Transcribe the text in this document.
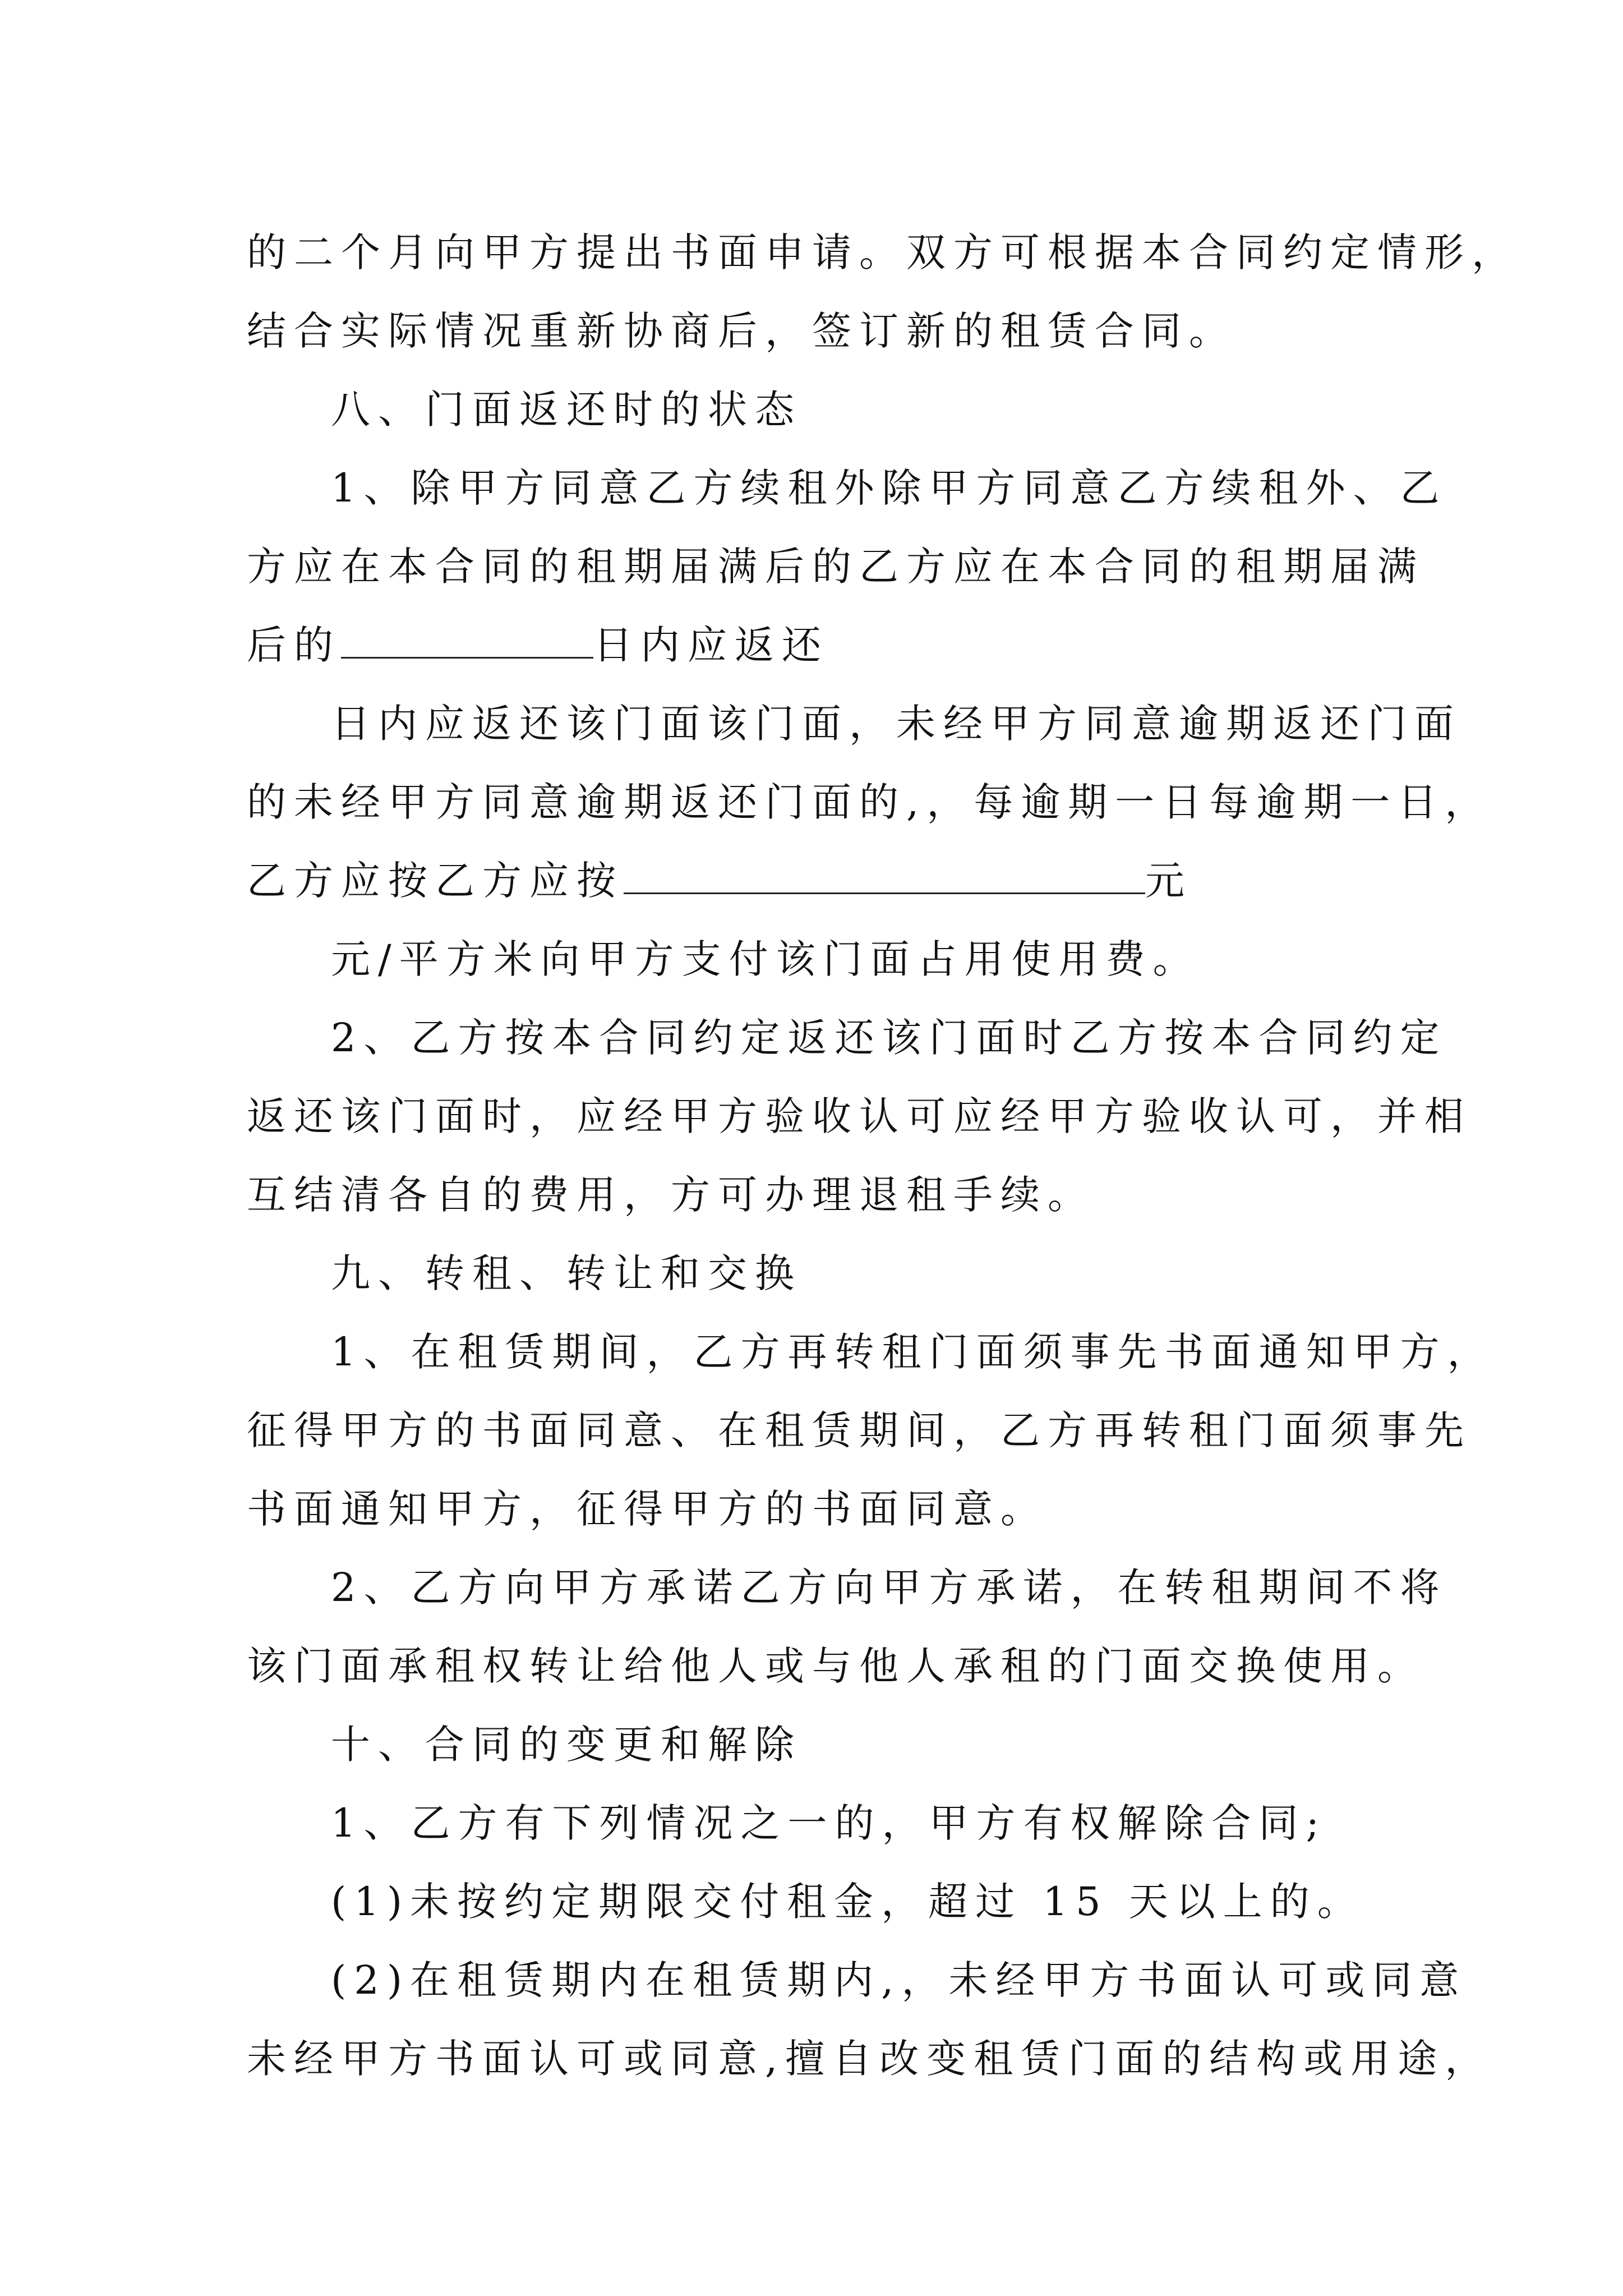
的二个月向甲方提出书面申请。双方可根据本合同约定情形，
结合实际情况重新协商后，签订新的租赁合同。
八、门面返还时的状态
1、除甲方同意乙方续租外除甲方同意乙方续租外、乙
方应在本合同的租期届满后的乙方应在本合同的租期届满
后的	日内应返还
日内应返还该门面该门面，未经甲方同意逾期返还门面
的未经甲方同意逾期返还门面的,，每逾期一日每逾期一日，
乙方应按乙方应按	元
元/平方米向甲方支付该门面占用使用费。
2、乙方按本合同约定返还该门面时乙方按本合同约定
返还该门面时，应经甲方验收认可应经甲方验收认可，并相
互结清各自的费用，方可办理退租手续。
九、转租、转让和交换
1、在租赁期间，乙方再转租门面须事先书面通知甲方，
征得甲方的书面同意、在租赁期间，乙方再转租门面须事先
书面通知甲方，征得甲方的书面同意。
2、乙方向甲方承诺乙方向甲方承诺，在转租期间不将
该门面承租权转让给他人或与他人承租的门面交换使用。
十、合同的变更和解除
1、乙方有下列情况之一的，甲方有权解除合同;
(1)未按约定期限交付租金，超过 15 天以上的。
(2)在租赁期内在租赁期内,，未经甲方书面认可或同意
未经甲方书面认可或同意,擅自改变租赁门面的结构或用途，
